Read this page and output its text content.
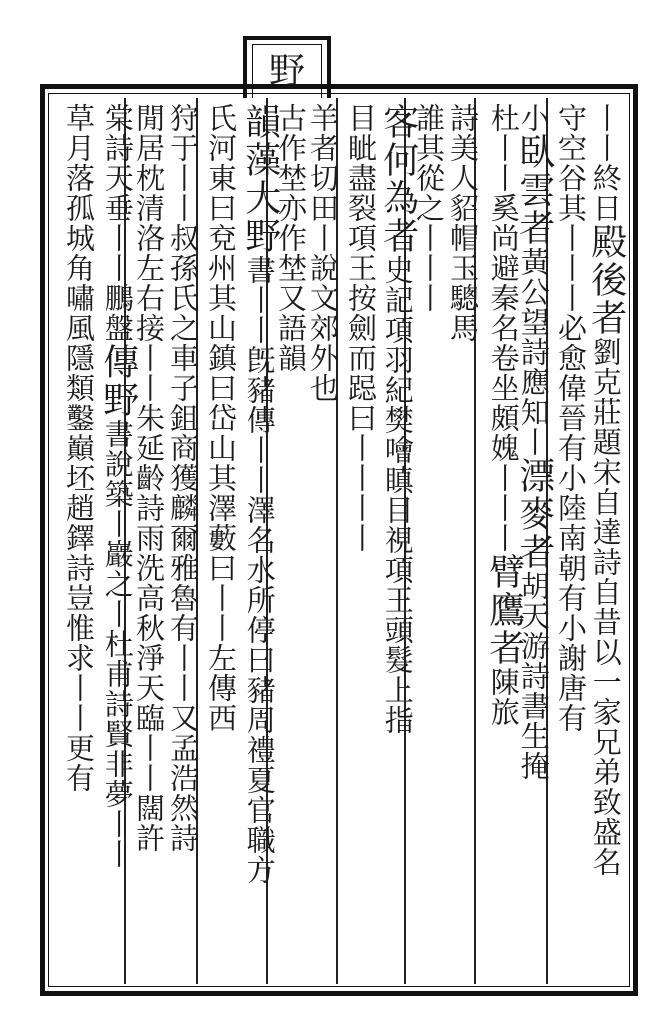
野
丨丨終日殿後者劉克莊題宋自達詩自昔以一家兄弟致盛名
守空谷其丨丨丨必愈偉晉有小陸南朝有小謝唐有
小臥雲者黃公望詩應知丨漂麥者胡天游詩書生掩
杜丨丨奚尚避秦名卷坐頗媿丨丨丨臂鷹者陳旅
詩美人貂帽玉驄馬
誰其從之丨丨丨
客何為者史記項羽紀樊噲瞋目視項王頭髮上指
目眦盡裂項王按劍而跽曰丨丨丨丨
羊者切田丨說文郊外也
古作埜亦作埜又語韻
韻藻大野書丨丨旣豬傳丨丨澤名水所停曰豬周禮夏官職方
氏河東曰兗州其山鎮曰岱山其澤藪曰丨丨左傳西
狩于丨丨叔孫氏之車子鉏商獲麟爾雅魯有丨丨又孟浩然詩
閒居枕清洛左右接丨丨朱延齡詩雨洗高秋淨天臨丨丨闊許
棠詩天垂丨丨鵬盤傳野書說築丨巖之丨杜甫詩賢非夢丨丨
草月落孤城角嘯風隱類鑿巔坯趙鐸詩豈惟求丨丨更有
